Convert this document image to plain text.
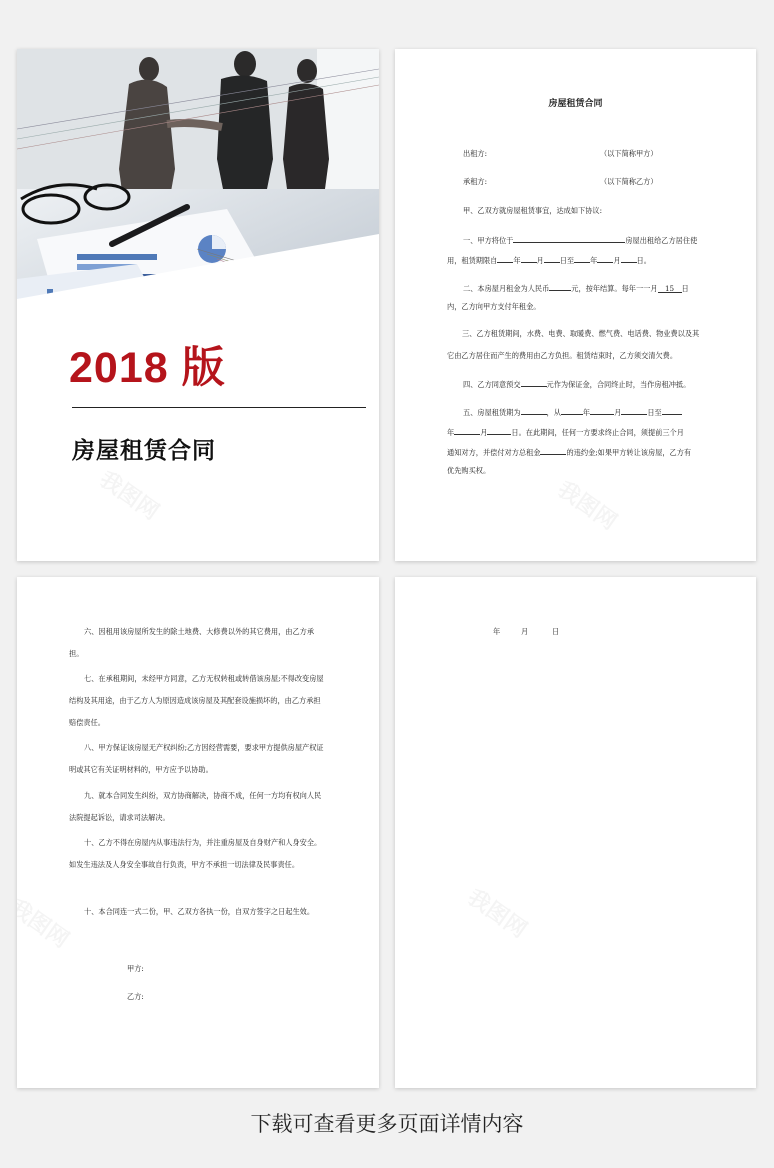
2018 版
房屋租赁合同
房屋租赁合同
出租方:	（以下简称甲方）
承租方:	（以下简称乙方）
甲、乙双方就房屋租赁事宜，达成如下协议:
一、甲方将位于	房屋出租给乙方居住使
用，租赁期限自 年 月 日至 年 月 日。
二、本房屋月租金为人民币	元，按年结算。每年一一月 15 日
内，乙方向甲方支付年租金。
三、乙方租赁期间，水费、电费、取暖费、燃气费、电话费、物业费以及其它由乙方居住而产生的费用由乙方负担。租赁结束时，乙方须交清欠费。
四、乙方同意预交	元作为保证金，合同终止时，当作房租冲抵。
五、房屋租赁期为	，从	年	月	日至
年	月	日。在此期间，任何一方要求终止合同，须提前三个月
通知对方，并偿付对方总租金	的违约金;如果甲方转让该房屋，乙方有
优先购买权。
六、因租用该房屋所发生的除土地费、大修费以外的其它费用，由乙方承担。
七、在承租期间，未经甲方同意，乙方无权转租或转借该房屋;不得改变房屋结构及其用途，由于乙方人为原因造成该房屋及其配套设施损坏的，由乙方承担赔偿责任。
八、甲方保证该房屋无产权纠纷;乙方因经营需要，要求甲方提供房屋产权证明或其它有关证明材料的，甲方应予以协助。
九、就本合同发生纠纷，双方协商解决，协商不成，任何一方均有权向人民法院提起诉讼，请求司法解决。
十、乙方不得在房屋内从事违法行为，并注重房屋及自身财产和人身安全。如发生违法及人身安全事故自行负责，甲方不承担一切法律及民事责任。
十、本合同连一式二份，甲、乙双方各执一份，自双方签字之日起生效。
甲方:
乙方:
年	月	日
下载可查看更多页面详情内容
